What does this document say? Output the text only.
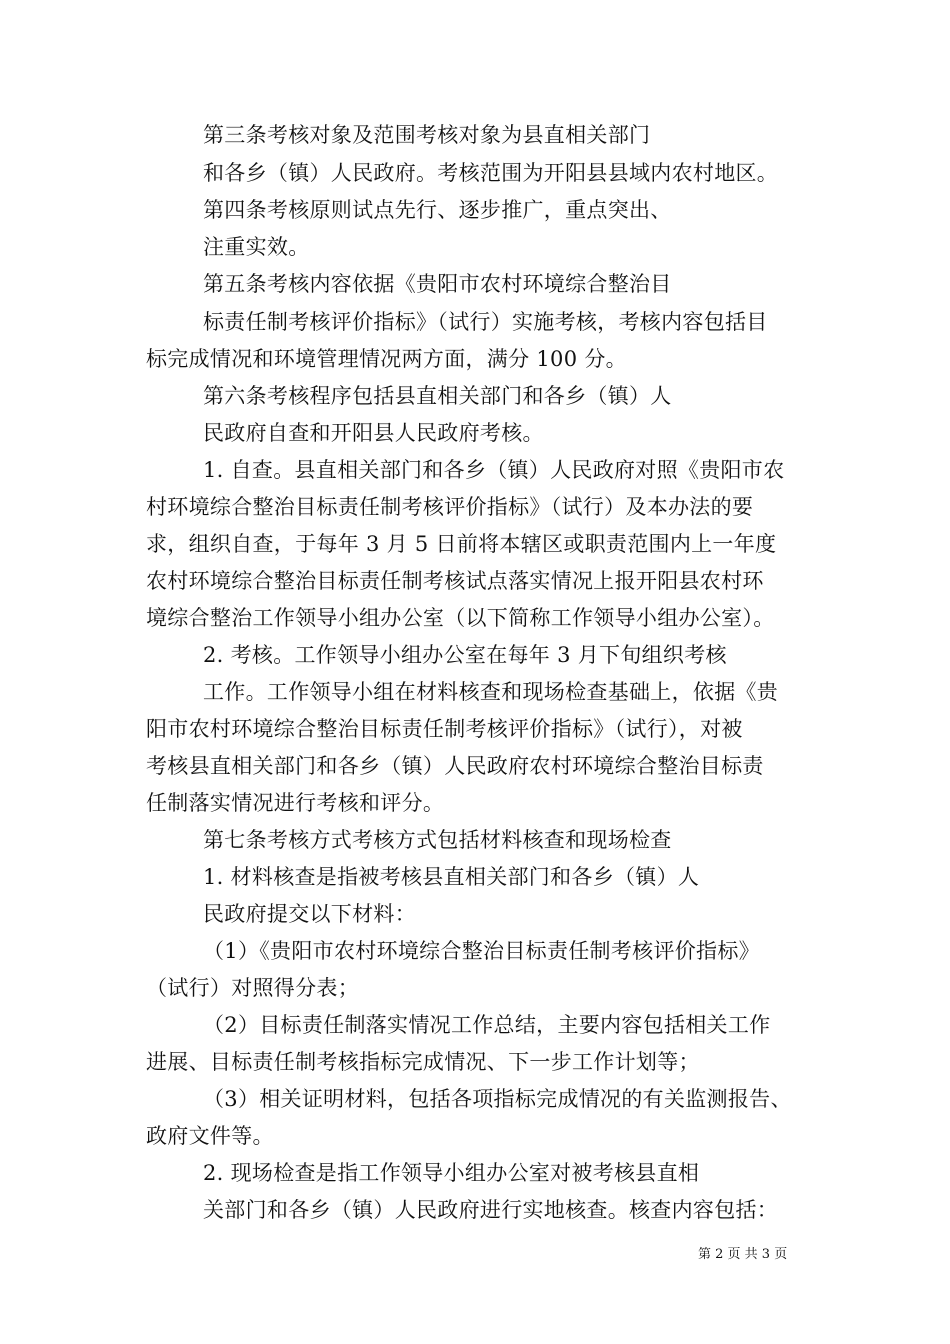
第三条考核对象及范围考核对象为县直相关部门
和各乡（镇）人民政府。考核范围为开阳县县域内农村地区。
第四条考核原则试点先行、逐步推广，重点突出、
注重实效。
第五条考核内容依据《贵阳市农村环境综合整治目
标责任制考核评价指标》（试行）实施考核，考核内容包括目
标完成情况和环境管理情况两方面，满分 100 分。
第六条考核程序包括县直相关部门和各乡（镇）人
民政府自查和开阳县人民政府考核。
1. 自查。县直相关部门和各乡（镇）人民政府对照《贵阳市农
村环境综合整治目标责任制考核评价指标》（试行）及本办法的要
求，组织自查，于每年 3 月 5 日前将本辖区或职责范围内上一年度
农村环境综合整治目标责任制考核试点落实情况上报开阳县农村环
境综合整治工作领导小组办公室（以下简称工作领导小组办公室）。
2. 考核。工作领导小组办公室在每年 3 月下旬组织考核
工作。工作领导小组在材料核查和现场检查基础上，依据《贵
阳市农村环境综合整治目标责任制考核评价指标》（试行），对被
考核县直相关部门和各乡（镇）人民政府农村环境综合整治目标责
任制落实情况进行考核和评分。
第七条考核方式考核方式包括材料核查和现场检查
1. 材料核查是指被考核县直相关部门和各乡（镇）人
民政府提交以下材料：
（1）《贵阳市农村环境综合整治目标责任制考核评价指标》
（试行）对照得分表；
（2）目标责任制落实情况工作总结，主要内容包括相关工作
进展、目标责任制考核指标完成情况、下一步工作计划等；
（3）相关证明材料，包括各项指标完成情况的有关监测报告、
政府文件等。
2. 现场检查是指工作领导小组办公室对被考核县直相
关部门和各乡（镇）人民政府进行实地核查。核查内容包括：
第 2 页 共 3 页
